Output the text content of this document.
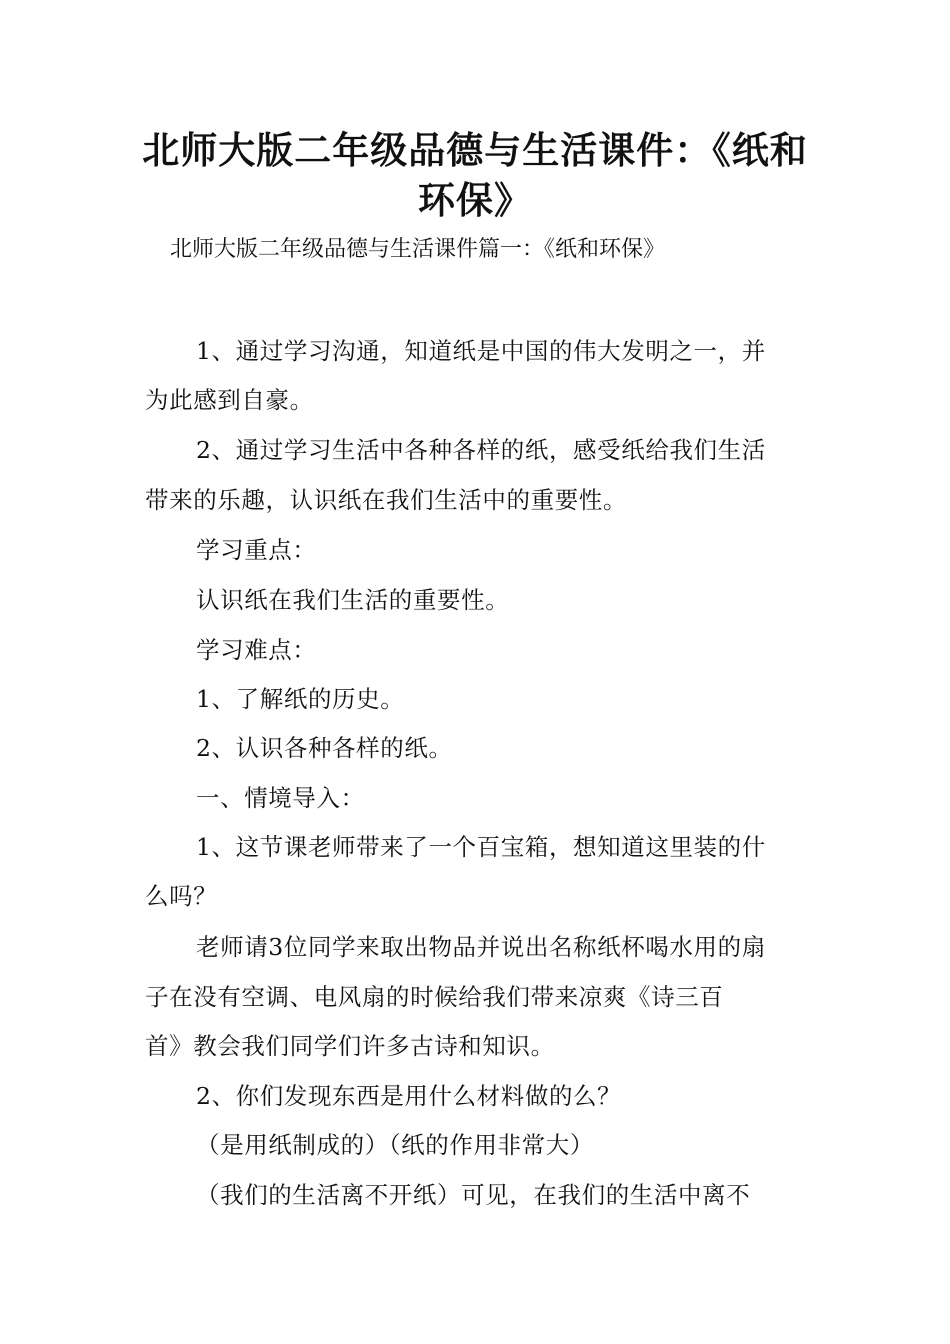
北师大版二年级品德与生活课件：《纸和
环保》

北师大版二年级品德与生活课件篇一：《纸和环保》

1、通过学习沟通，知道纸是中国的伟大发明之一，并

为此感到自豪。

2、通过学习生活中各种各样的纸，感受纸给我们生活

带来的乐趣，认识纸在我们生活中的重要性。

学习重点：

认识纸在我们生活的重要性。

学习难点：

1、了解纸的历史。

2、认识各种各样的纸。

一、情境导入：

1、这节课老师带来了一个百宝箱，想知道这里装的什

么吗？

老师请3位同学来取出物品并说出名称纸杯喝水用的扇

子在没有空调、电风扇的时候给我们带来凉爽《诗三百

首》教会我们同学们许多古诗和知识。

2、你们发现东西是用什么材料做的么？

（是用纸制成的）（纸的作用非常大）

（我们的生活离不开纸）可见，在我们的生活中离不
